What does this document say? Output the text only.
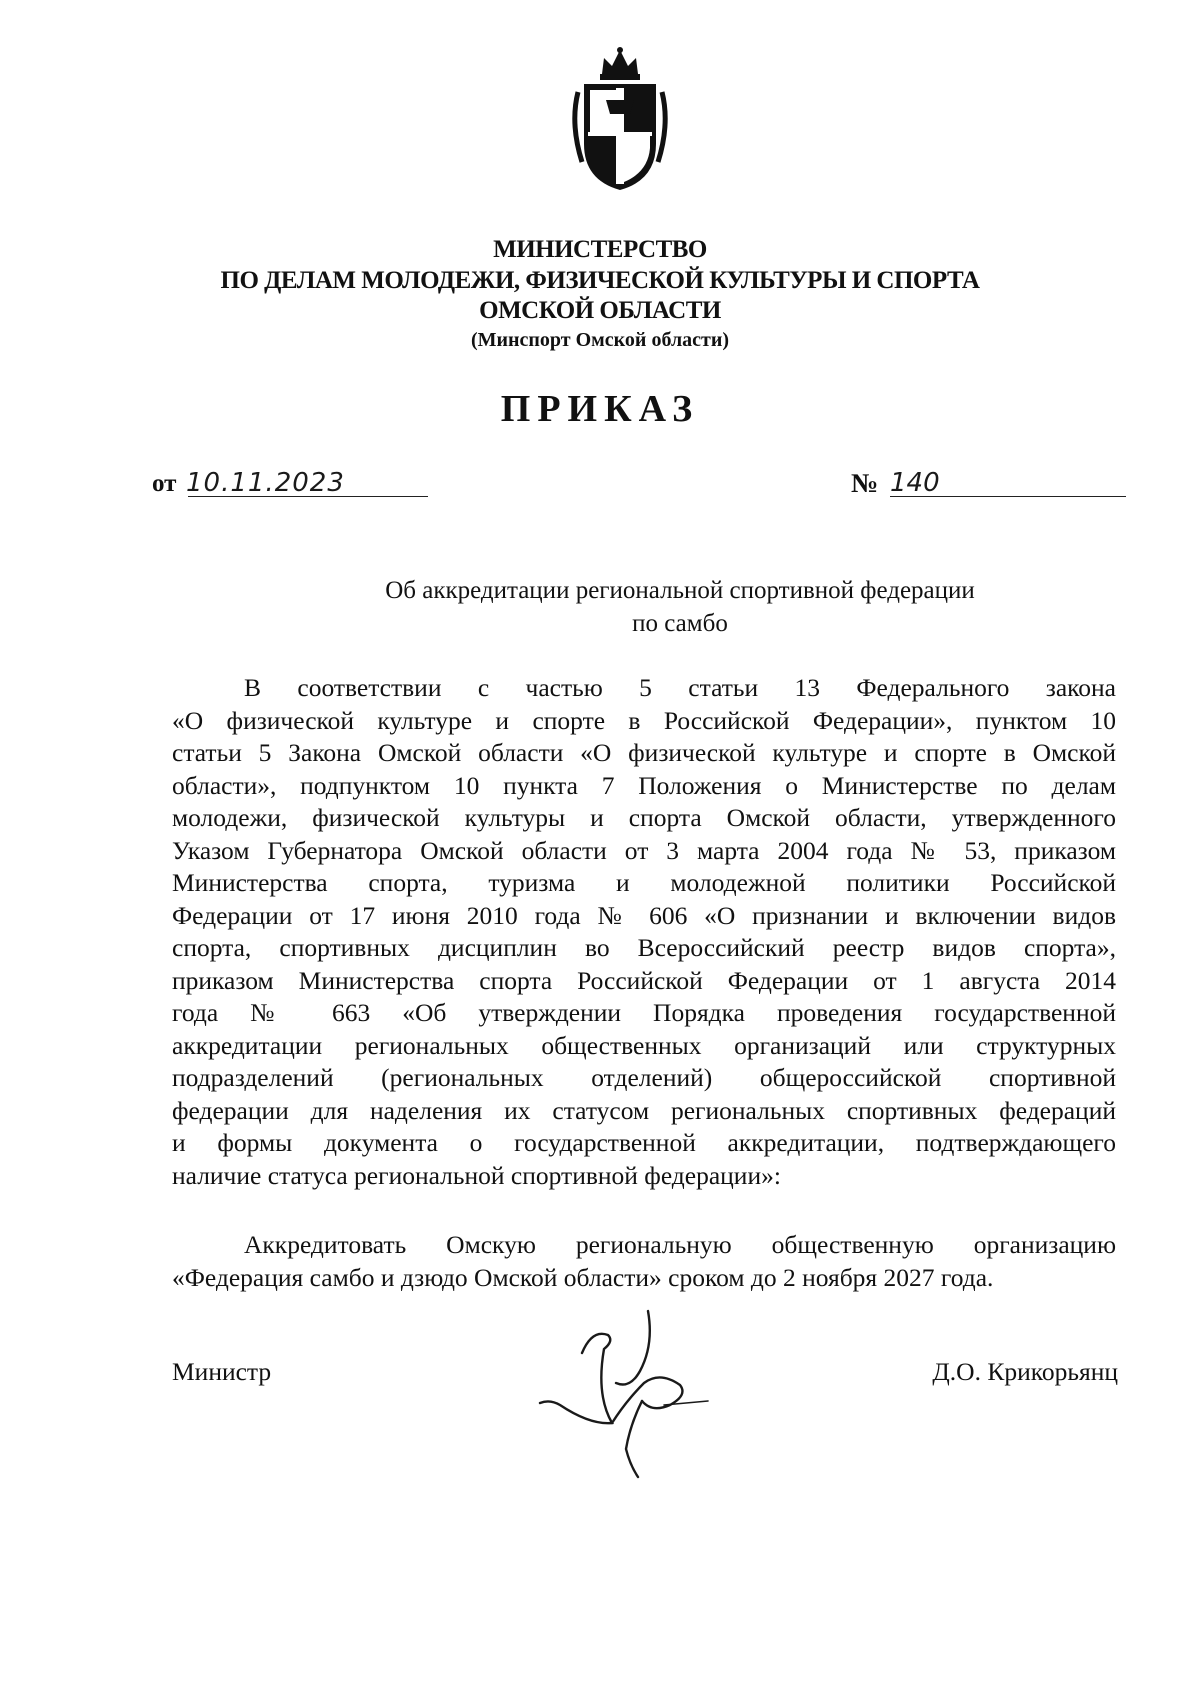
МИНИСТЕРСТВО
ПО ДЕЛАМ МОЛОДЕЖИ, ФИЗИЧЕСКОЙ КУЛЬТУРЫ И СПОРТА
ОМСКОЙ ОБЛАСТИ
(Минспорт Омской области)
ПРИКАЗ
от 10.11.2023	№ 140
Об аккредитации региональной спортивной федерации
по самбо
В соответствии с частью 5 статьи 13 Федерального закона
«О физической культуре и спорте в Российской Федерации», пунктом 10
статьи 5 Закона Омской области «О физической культуре и спорте в Омской
области», подпунктом 10 пункта 7 Положения о Министерстве по делам
молодежи, физической культуры и спорта Омской области, утвержденного
Указом Губернатора Омской области от 3 марта 2004 года № 53, приказом
Министерства спорта, туризма и молодежной политики Российской
Федерации от 17 июня 2010 года № 606 «О признании и включении видов
спорта, спортивных дисциплин во Всероссийский реестр видов спорта»,
приказом Министерства спорта Российской Федерации от 1 августа 2014
года № 663 «Об утверждении Порядка проведения государственной
аккредитации региональных общественных организаций или структурных
подразделений (региональных отделений) общероссийской спортивной
федерации для наделения их статусом региональных спортивных федераций
и формы документа о государственной аккредитации, подтверждающего
наличие статуса региональной спортивной федерации»:
Аккредитовать Омскую региональную общественную организацию
«Федерация самбо и дзюдо Омской области» сроком до 2 ноября 2027 года.
Министр	Д.О. Крикорьянц
